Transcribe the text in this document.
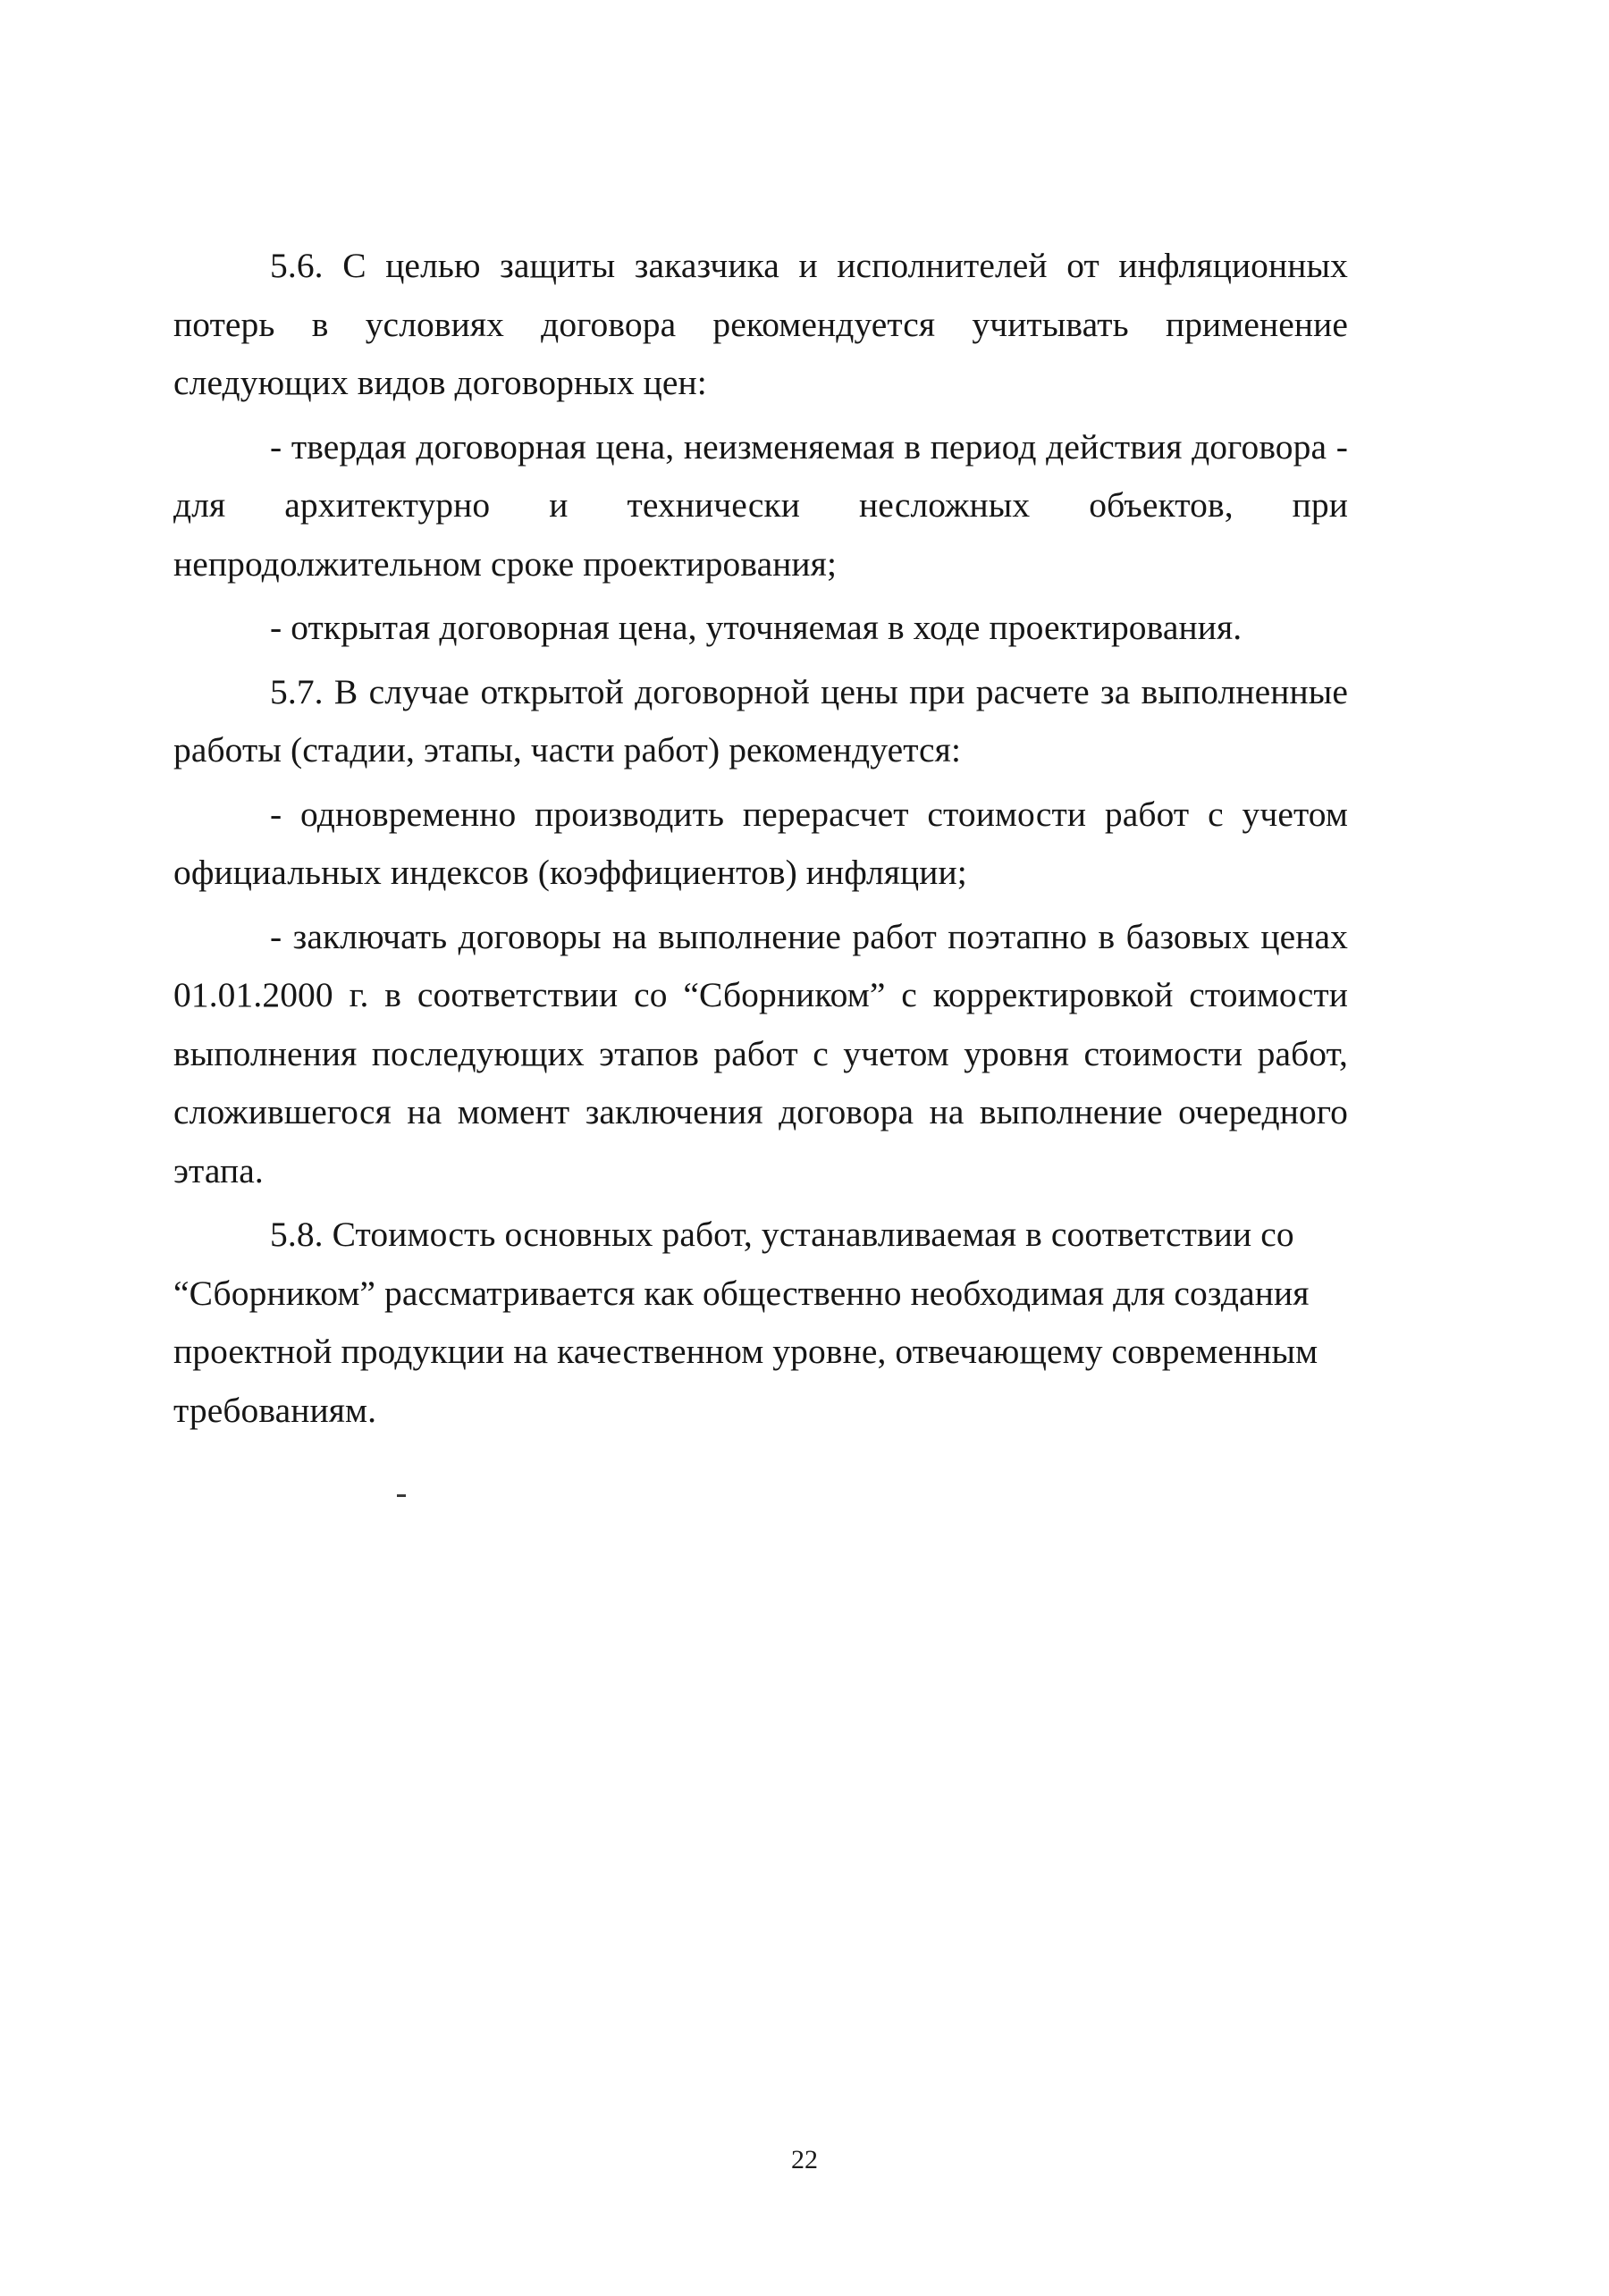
5.6. С целью защиты заказчика и исполнителей от инфляционных потерь в условиях договора рекомендуется учитывать применение следующих видов договорных цен:

- твердая договорная цена, неизменяемая в период действия договора - для архитектурно и технически несложных объектов, при непродолжительном сроке проектирования;

- открытая договорная цена, уточняемая в ходе проектирования.

5.7. В случае открытой договорной цены при расчете за выполненные работы (стадии, этапы, части работ) рекомендуется:

- одновременно производить перерасчет стоимости работ с учетом официальных индексов (коэффициентов) инфляции;

- заключать договоры на выполнение работ поэтапно в базовых ценах 01.01.2000 г. в соответствии со “Сборником” с корректировкой стоимости выполнения последующих этапов работ с учетом уровня стоимости работ, сложившегося на момент заключения договора на выполнение очередного этапа.

5.8. Стоимость основных работ, устанавливаемая в соответствии со “Сборником” рассматривается как общественно необходимая для создания проектной продукции на качественном уровне, отвечающему современным требованиям.

22
